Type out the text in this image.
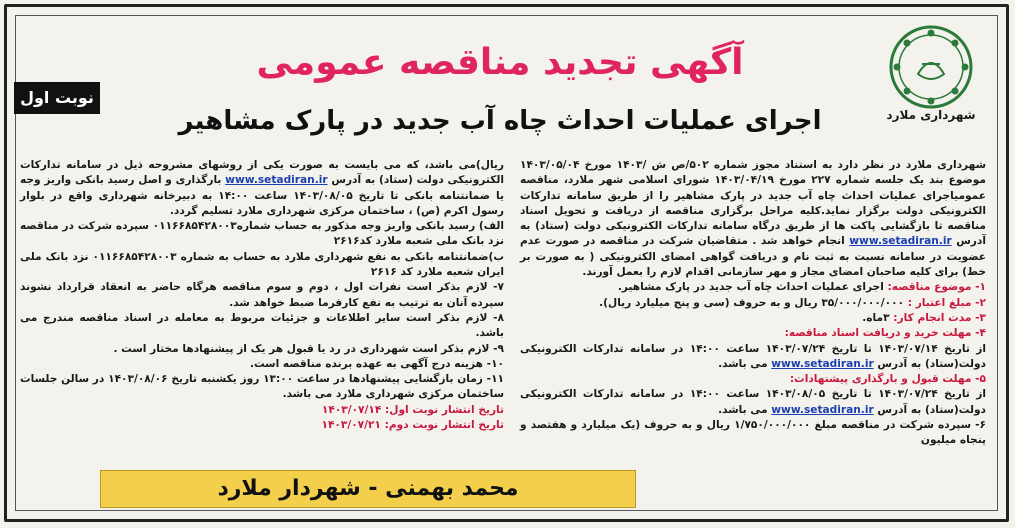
شهرداری ملارد
نوبت اول
آگهی تجدید مناقصه عمومی
اجرای عملیات احداث چاه آب جدید در پارک مشاهیر

شهرداری ملارد در نظر دارد به استناد مجوز شماره ۵۰۲/ص ش /۱۴۰۳ مورخ ۱۴۰۳/۰۵/۰۴ موضوع بند یک جلسه شماره ۲۲۷ مورخ ۱۴۰۳/۰۴/۱۹ شورای اسلامی شهر ملارد، مناقصه عمومیاجرای عملیات احداث چاه آب جدید در پارک مشاهیر را از طریق سامانه تدارکات الکترونیکی دولت برگزار نماید.کلیه مراحل برگزاری مناقصه از دریافت و تحویل اسناد مناقصه تا بازگشایی پاکت ها از طریق درگاه سامانه تدارکات الکترونیکی دولت (ستاد) به آدرس www.setadiran.ir انجام خواهد شد . متقاضیان شرکت در مناقصه در صورت عدم عضویت در سامانه نسبت به ثبت نام و دریافت گواهی امضای الکترونیکی ( به صورت بر خط) برای کلیه صاحبان امضای مجاز و مهر سازمانی اقدام لازم را بعمل آورند.

۱- موضوع مناقصه: اجرای عملیات احداث چاه آب جدید در پارک مشاهیر.

۲- مبلغ اعتبار : ۳۵/۰۰۰/۰۰۰/۰۰۰ ریال و به حروف (سی و پنج میلیارد ریال).

۳- مدت انجام کار: ۳ماه.

۴- مهلت خرید و دریافت اسناد مناقصه:
از تاریخ ۱۴۰۳/۰۷/۱۴ تا تاریخ ۱۴۰۳/۰۷/۲۴ ساعت ۱۴:۰۰ در سامانه تدارکات الکترونیکی دولت(ستاد) به آدرس www.setadiran.ir می باشد.

۵- مهلت قبول و بارگذاری پیشنهادات:
از تاریخ ۱۴۰۳/۰۷/۲۴ تا تاریخ ۱۴۰۳/۰۸/۰۵ ساعت ۱۴:۰۰ در سامانه تدارکات الکترونیکی دولت(ستاد) به آدرس www.setadiran.ir می باشد.

۶- سپرده شرکت در مناقصه مبلغ ۱/۷۵۰/۰۰۰/۰۰۰ ریال و به حروف (یک میلیارد و هفتصد و پنجاه میلیون

ریال)می باشد، که می بایست به صورت یکی از روشهای مشروحه ذیل در سامانه تدارکات الکترونیکی دولت (ستاد) به آدرس www.setadiran.ir بارگذاری و اصل رسید بانکی واریز وجه یا ضمانتنامه بانکی تا تاریخ ۱۴۰۳/۰۸/۰۵ ساعت ۱۴:۰۰ به دبیرخانه شهرداری واقع در بلوار رسول اکرم (ص) ، ساختمان مرکزی شهرداری ملارد تسلیم گردد.

الف) رسید بانکی واریز وجه مذکور به حساب شماره۰۱۱۶۶۸۵۴۲۸۰۰۳ سپرده شرکت در مناقصه نزد بانک ملی شعبه ملارد کد۲۶۱۶

ب)ضمانتنامه بانکی به نفع شهرداری ملارد به حساب به شماره ۰۱۱۶۶۸۵۴۲۸۰۰۳ نزد بانک ملی ایران شعبه ملارد کد ۲۶۱۶

۷- لازم بذکر است نفرات اول ، دوم و سوم مناقصه هرگاه حاضر به انعقاد قرارداد نشوند سپرده آنان به ترتیب به نفع کارفرما ضبط خواهد شد.

۸- لازم بذکر است سایر اطلاعات و جزئیات مربوط به معامله در اسناد مناقصه مندرج می باشد.

۹- لازم بذکر است شهرداری در رد یا قبول هر یک از پیشنهادها مختار است .

۱۰- هزینه درج آگهی به عهده برنده مناقصه است.

۱۱- زمان بازگشایی پیشنهادها در ساعت ۱۳:۰۰ روز یکشنبه تاریخ ۱۴۰۳/۰۸/۰۶ در سالن جلسات ساختمان مرکزی شهرداری ملارد می باشد.

تاریخ انتشار نوبت اول: ۱۴۰۳/۰۷/۱۴

تاریخ انتشار نوبت دوم: ۱۴۰۳/۰۷/۲۱

محمد بهمنی - شهردار ملارد
